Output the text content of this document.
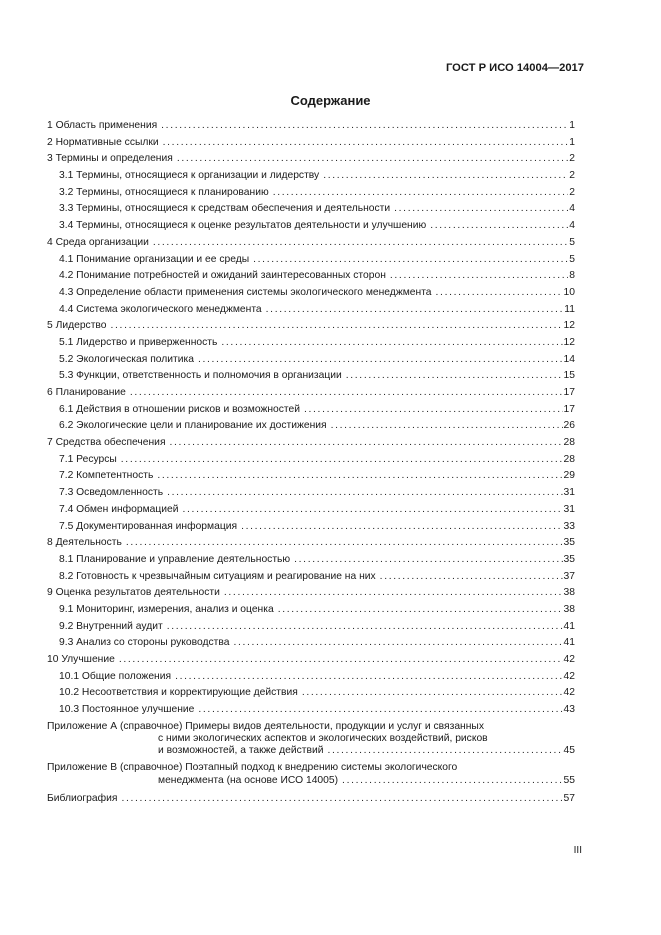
ГОСТ Р ИСО 14004—2017
Содержание
1 Область применения . . .	1
2 Нормативные ссылки . . .	1
3 Термины и определения . . .	2
3.1 Термины, относящиеся к организации и лидерству . . .	2
3.2 Термины, относящиеся к планированию . . .	2
3.3 Термины, относящиеся к средствам обеспечения и деятельности . . .	4
3.4 Термины, относящиеся к оценке результатов деятельности и улучшению . . .	4
4 Среда организации . . .	5
4.1 Понимание организации и ее среды . . .	5
4.2 Понимание потребностей и ожиданий заинтересованных сторон . . .	8
4.3 Определение области применения системы экологического менеджмента . . .	10
4.4 Система экологического менеджмента . . .	11
5 Лидерство . . .	12
5.1 Лидерство и приверженность . . .	12
5.2 Экологическая политика . . .	14
5.3 Функции, ответственность и полномочия в организации . . .	15
6 Планирование . . .	17
6.1 Действия в отношении рисков и возможностей . . .	17
6.2 Экологические цели и планирование их достижения . . .	26
7 Средства обеспечения . . .	28
7.1 Ресурсы . . .	28
7.2 Компетентность . . .	29
7.3 Осведомленность . . .	31
7.4 Обмен информацией . . .	31
7.5 Документированная информация . . .	33
8 Деятельность . . .	35
8.1 Планирование и управление деятельностью . . .	35
8.2 Готовность к чрезвычайным ситуациям и реагирование на них . . .	37
9 Оценка результатов деятельности . . .	38
9.1 Мониторинг, измерения, анализ и оценка . . .	38
9.2 Внутренний аудит . . .	41
9.3 Анализ со стороны руководства . . .	41
10 Улучшение . . .	42
10.1 Общие положения . . .	42
10.2 Несоответствия и корректирующие действия . . .	42
10.3 Постоянное улучшение . . .	43
Приложение А (справочное) Примеры видов деятельности, продукции и услуг и связанных
с ними экологических аспектов и экологических воздействий, рисков
и возможностей, а также действий . . .	45
Приложение В (справочное) Поэтапный подход к внедрению системы экологического
менеджмента (на основе ИСО 14005) . . .	55
Библиография . . .	57
III
